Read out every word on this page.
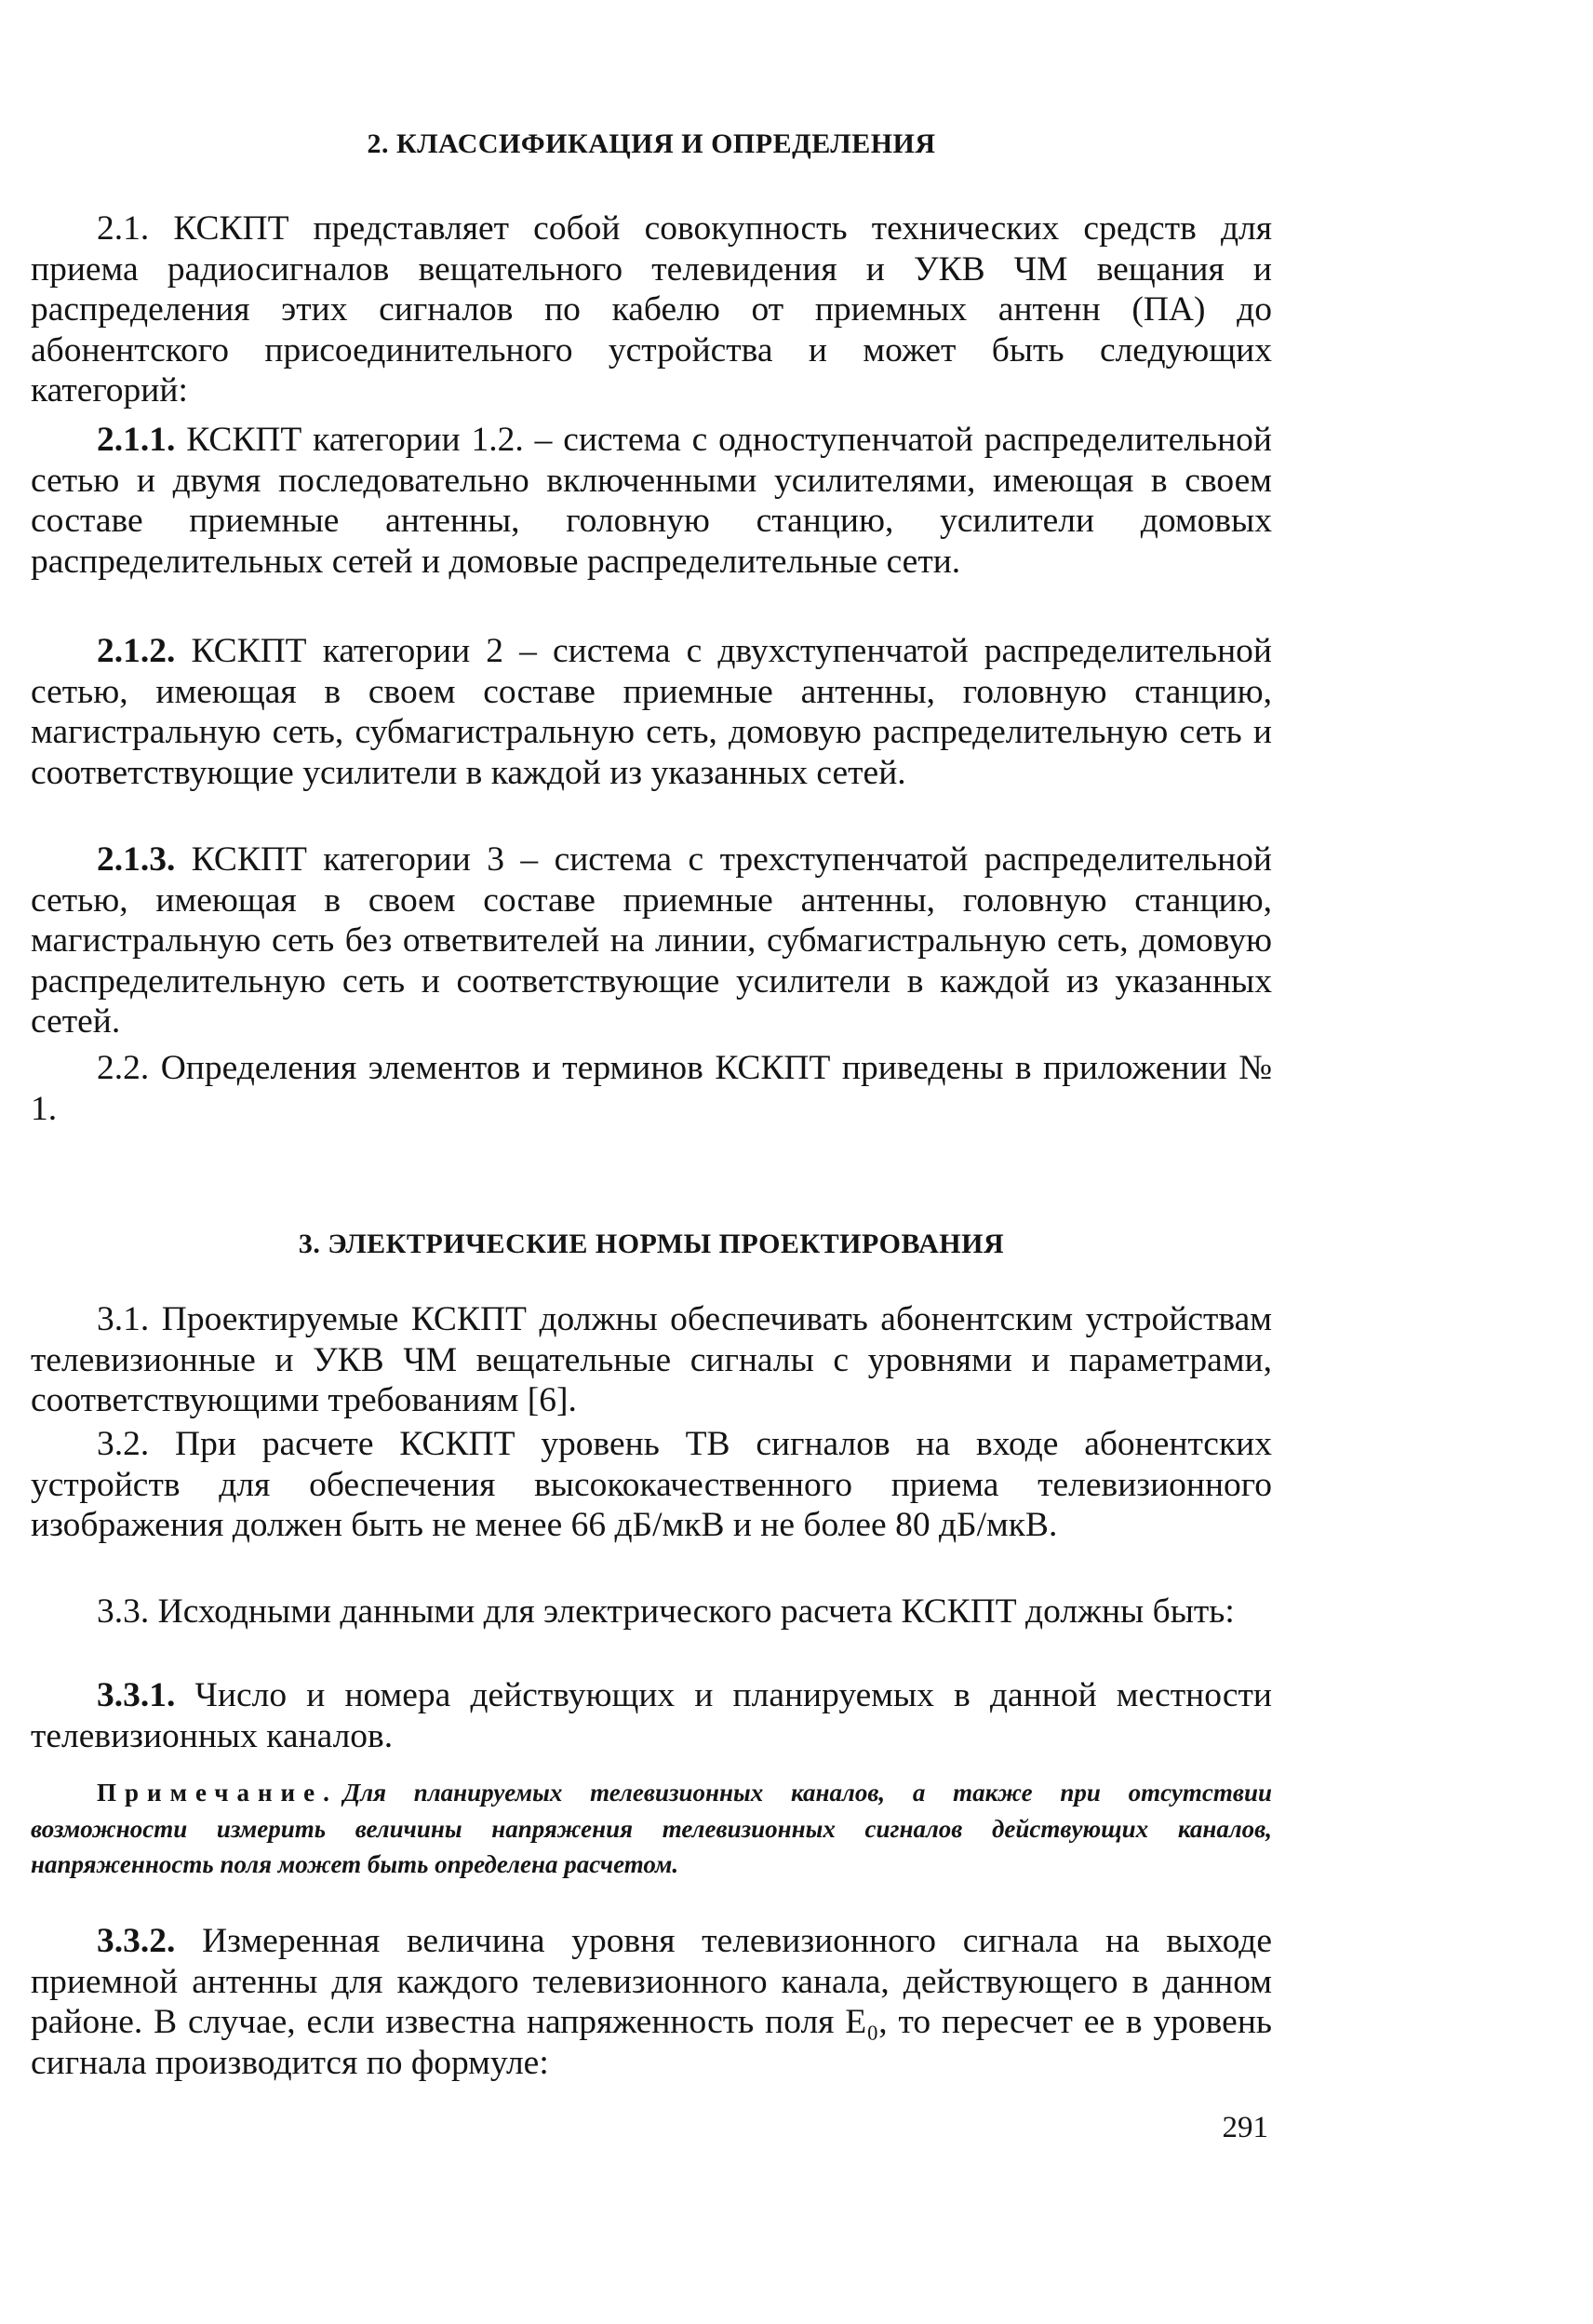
2. КЛАССИФИКАЦИЯ И ОПРЕДЕЛЕНИЯ
2.1. КСКПТ представляет собой совокупность технических средств для приема радиосигналов вещательного телевидения и УКВ ЧМ вещания и распределения этих сигналов по кабелю от приемных антенн (ПА) до абонентского присоединительного устройства и может быть следующих категорий:
2.1.1. КСКПТ категории 1.2. – система с одноступенчатой распределительной сетью и двумя последовательно включенными усилителями, имеющая в своем составе приемные антенны, головную станцию, усилители домовых распределительных сетей и домовые распределительные сети.
2.1.2. КСКПТ категории 2 – система с двухступенчатой распределительной сетью, имеющая в своем составе приемные антенны, головную станцию, магистральную сеть, субмагистральную сеть, домовую распределительную сеть и соответствующие усилители в каждой из указанных сетей.
2.1.3. КСКПТ категории 3 – система с трехступенчатой распределительной сетью, имеющая в своем составе приемные антенны, головную станцию, магистральную сеть без ответвителей на линии, субмагистральную сеть, домовую распределительную сеть и соответствующие усилители в каждой из указанных сетей.
2.2. Определения элементов и терминов КСКПТ приведены в приложении № 1.
3. ЭЛЕКТРИЧЕСКИЕ НОРМЫ ПРОЕКТИРОВАНИЯ
3.1. Проектируемые КСКПТ должны обеспечивать абонентским устройствам телевизионные и УКВ ЧМ вещательные сигналы с уровнями и параметрами, соответствующими требованиям [6].
3.2. При расчете КСКПТ уровень ТВ сигналов на входе абонентских устройств для обеспечения высококачественного приема телевизионного изображения должен быть не менее 66 дБ/мкВ и не более 80 дБ/мкВ.
3.3. Исходными данными для электрического расчета КСКПТ должны быть:
3.3.1. Число и номера действующих и планируемых в данной местности телевизионных каналов.
Примечание. Для планируемых телевизионных каналов, а также при отсутствии возможности измерить величины напряжения телевизионных сигналов действующих каналов, напряженность поля может быть определена расчетом.
3.3.2. Измеренная величина уровня телевизионного сигнала на выходе приемной антенны для каждого телевизионного канала, действующего в данном районе. В случае, если известна напряженность поля E₀, то пересчет ее в уровень сигнала производится по формуле:
291
